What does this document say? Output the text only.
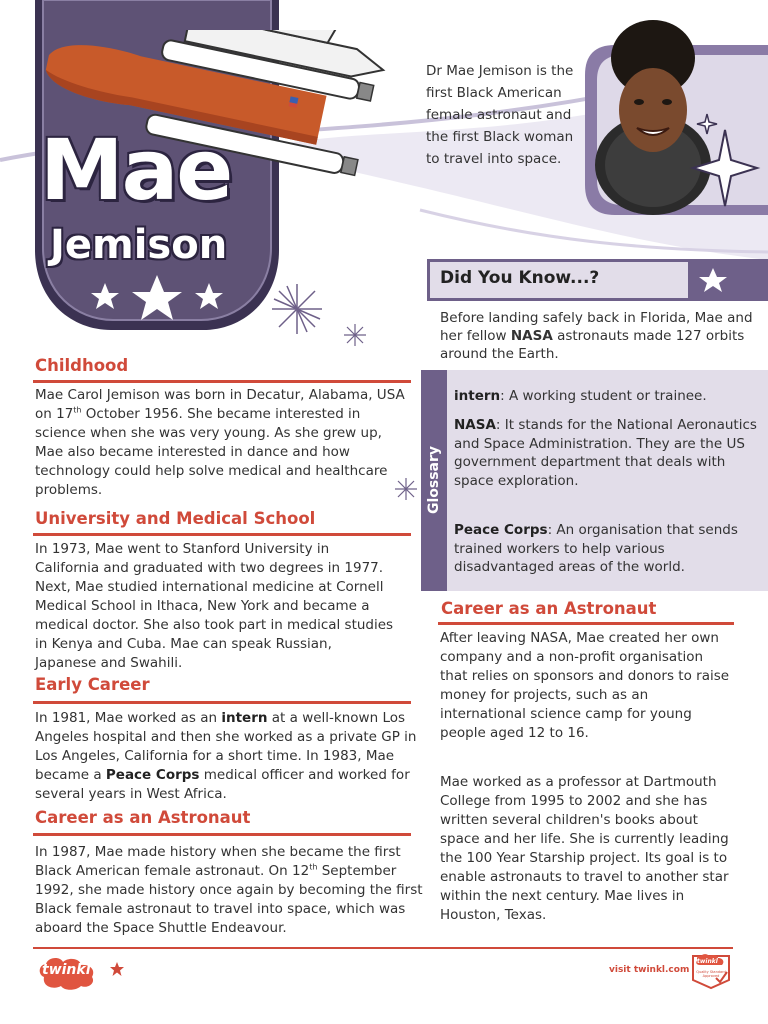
Mae
Jemison
Dr Mae Jemison is the first Black American female astronaut and the first Black woman to travel into space.
Did You Know...?
Before landing safely back in Florida, Mae and her fellow NASA astronauts made 127 orbits around the Earth.
Glossary
intern: A working student or trainee.
NASA: It stands for the National Aeronautics and Space Administration. They are the US government department that deals with space exploration.
Peace Corps: An organisation that sends trained workers to help various disadvantaged areas of the world.
Childhood
Mae Carol Jemison was born in Decatur, Alabama, USA on 17th October 1956. She became interested in science when she was very young. As she grew up, Mae also became interested in dance and how technology could help solve medical and healthcare problems.
University and Medical School
In 1973, Mae went to Stanford University in California and graduated with two degrees in 1977. Next, Mae studied international medicine at Cornell Medical School in Ithaca, New York and became a medical doctor. She also took part in medical studies in Kenya and Cuba. Mae can speak Russian, Japanese and Swahili.
Early Career
In 1981, Mae worked as an intern at a well-known Los Angeles hospital and then she worked as a private GP in Los Angeles, California for a short time. In 1983, Mae became a Peace Corps medical officer and worked for several years in West Africa.
Career as an Astronaut
In 1987, Mae made history when she became the first Black American female astronaut. On 12th September 1992, she made history once again by becoming the first Black female astronaut to travel into space, which was aboard the Space Shuttle Endeavour.
Career as an Astronaut
After leaving NASA, Mae created her own company and a non-profit organisation that relies on sponsors and donors to raise money for projects, such as an international science camp for young people aged 12 to 16.
Mae worked as a professor at Dartmouth College from 1995 to 2002 and she has written several children's books about space and her life. She is currently leading the 100 Year Starship project. Its goal is to enable astronauts to travel to another star within the next century. Mae lives in Houston, Texas.
twinkl	visit twinkl.com
twinkl
Quality Standard Approved
